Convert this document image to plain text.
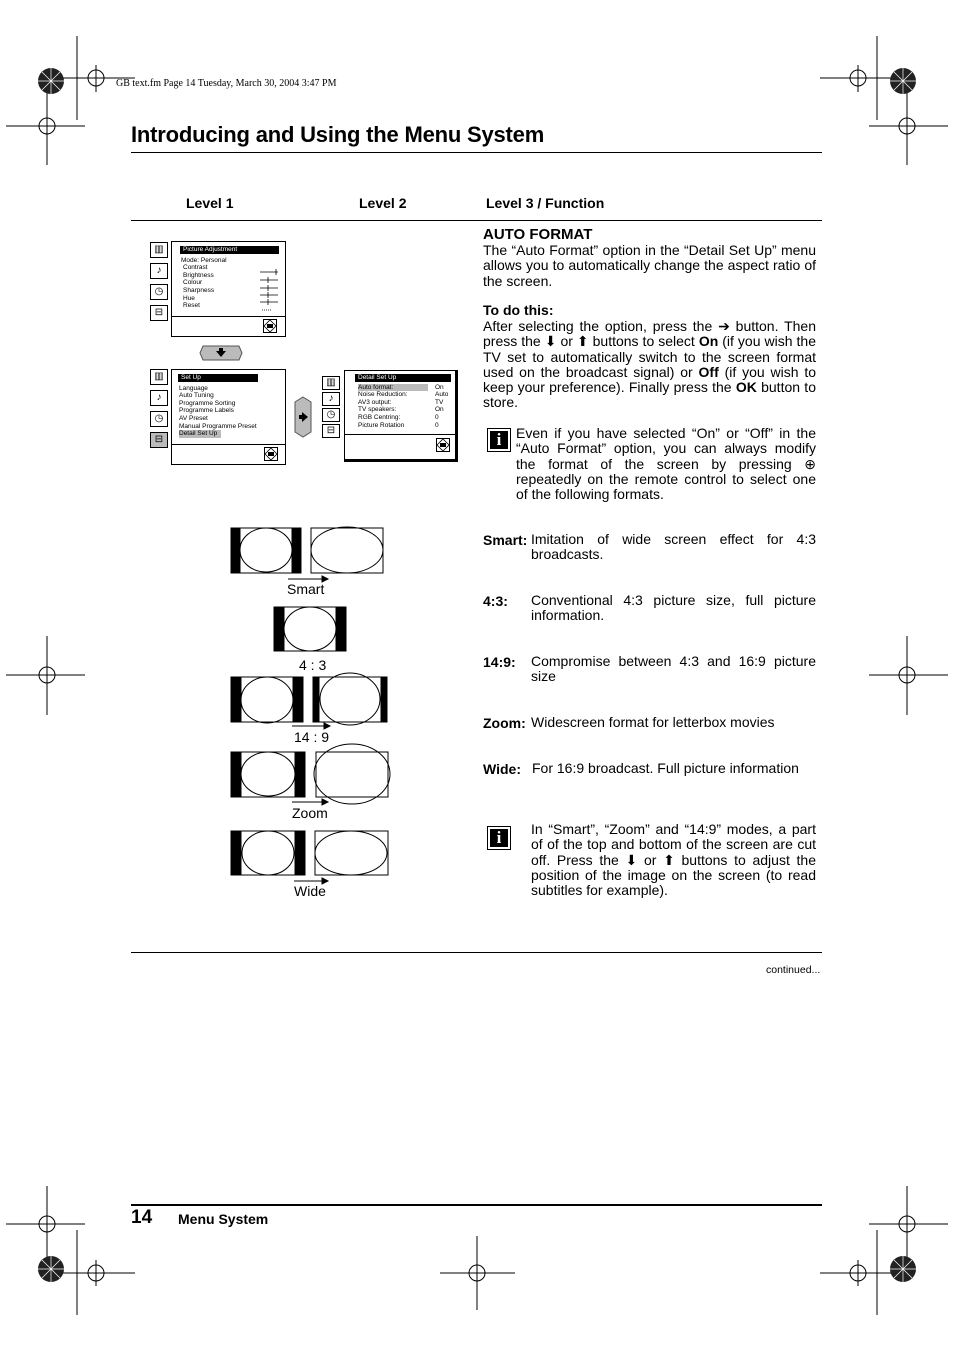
GB text.fm Page 14 Tuesday, March 30, 2004 3:47 PM
Introducing and Using the Menu System
Level 1	Level 2	Level 3 / Function
▥
♪
◷
⊟
Picture Adjustment
Mode: Personal
Contrast
Brightness
Colour
Sharpness
Hue
Reset
▥
♪
◷
⊟
Set Up
Language
Auto Tuning
Programme Sorting
Programme Labels
AV Preset
Manual Programme Preset
Detail Set Up
▥
♪
◷
⊟
Detail Set Up
Auto format:	On
Noise Reduction:	Auto
AV3 output:	TV
TV speakers:	On
RGB Centring:	0
Picture Rotation	0
AUTO FORMAT
The “Auto Format” option in the “Detail Set Up” menu allows you to automatically change the aspect ratio of the screen.
To do this:
After selecting the option, press the ➔ button. Then press the ⬇ or ⬆ buttons to select On (if you wish the TV set to automatically switch to the screen format used on the broadcast signal) or Off (if you wish to keep your preference). Finally press the OK button to store.
i	Even if you have selected “On” or “Off” in the “Auto Format” option, you can always modify the format of the screen by pressing ⊕ repeatedly on the remote control to select one of the following formats.
Smart: Imitation of wide screen effect for 4:3 broadcasts.
4:3: Conventional 4:3 picture size, full picture information.
14:9: Compromise between 4:3 and 16:9 picture size
Zoom: Widescreen format for letterbox movies
Wide: For 16:9 broadcast. Full picture information
i	In “Smart”, “Zoom” and “14:9” modes, a part of of the top and bottom of the screen are cut off. Press the ⬇ or ⬆ buttons to adjust the position of the image on the screen (to read subtitles for example).
Smart
4 : 3
14 : 9
Zoom
Wide
continued...
14 Menu System
